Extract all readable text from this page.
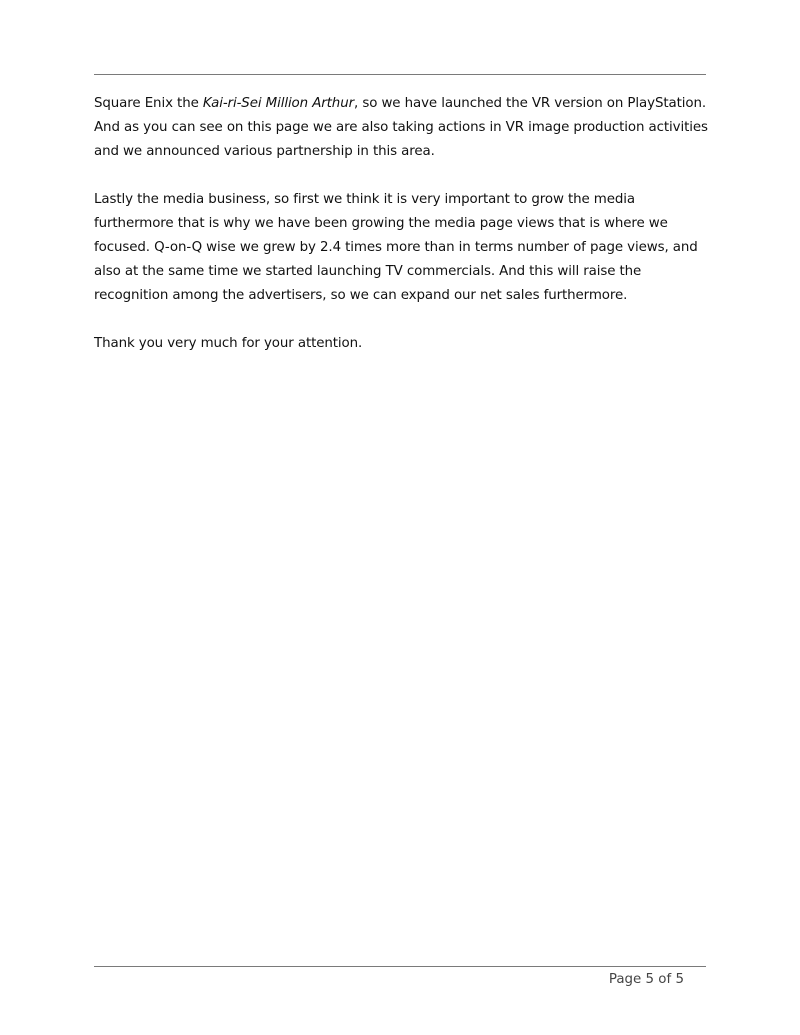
Square Enix the Kai-ri-Sei Million Arthur, so we have launched the VR version on PlayStation. And as you can see on this page we are also taking actions in VR image production activities and we announced various partnership in this area.

Lastly the media business, so first we think it is very important to grow the media furthermore that is why we have been growing the media page views that is where we focused. Q-on-Q wise we grew by 2.4 times more than in terms number of page views, and also at the same time we started launching TV commercials. And this will raise the recognition among the advertisers, so we can expand our net sales furthermore.

Thank you very much for your attention.

Page 5 of 5
